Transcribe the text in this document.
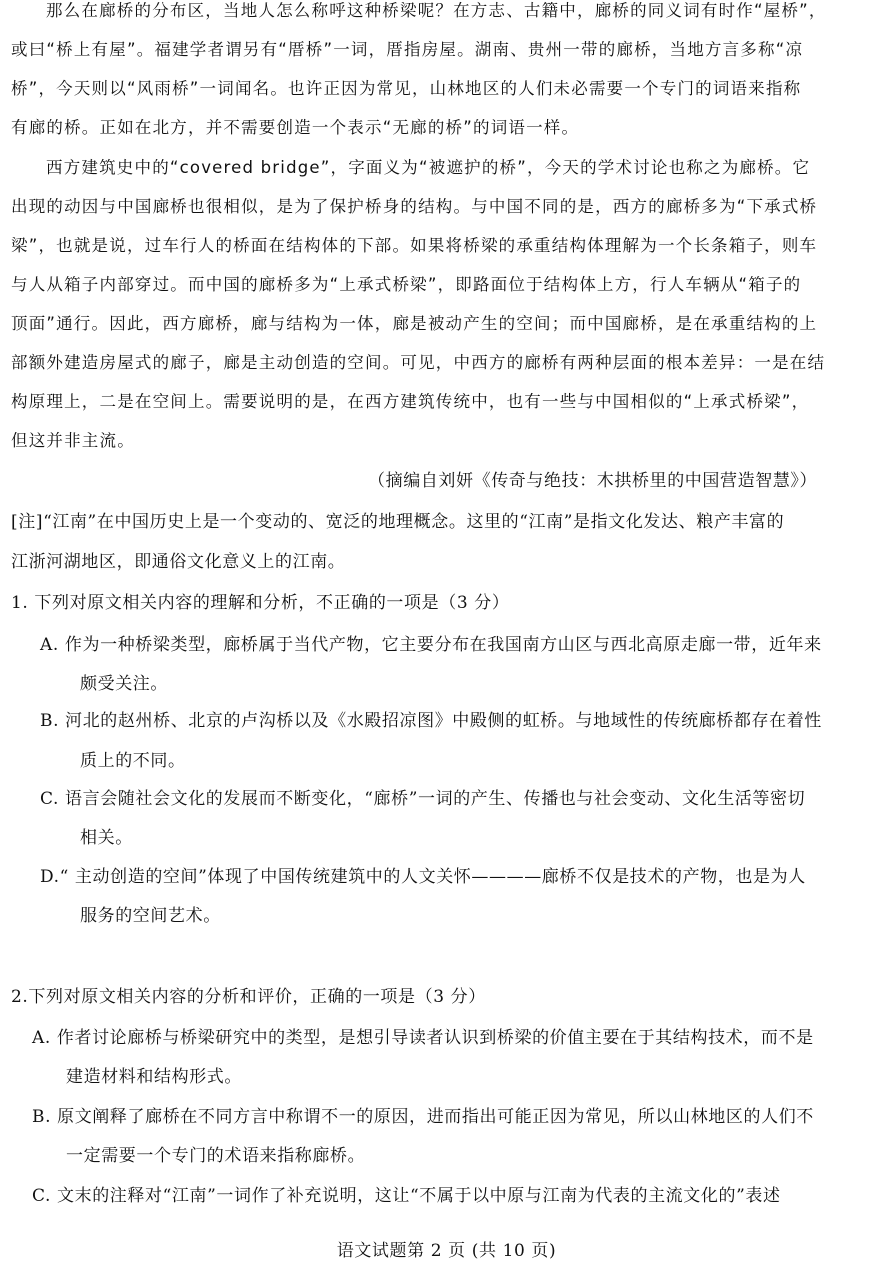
那么在廊桥的分布区，当地人怎么称呼这种桥梁呢？在方志、古籍中，廊桥的同义词有时作“屋桥”，
或曰“桥上有屋”。福建学者谓另有“厝桥”一词，厝指房屋。湖南、贵州一带的廊桥，当地方言多称“凉
桥”，今天则以“风雨桥”一词闻名。也许正因为常见，山林地区的人们未必需要一个专门的词语来指称
有廊的桥。正如在北方，并不需要创造一个表示“无廊的桥”的词语一样。
西方建筑史中的“covered bridge”，字面义为“被遮护的桥”，今天的学术讨论也称之为廊桥。它
出现的动因与中国廊桥也很相似，是为了保护桥身的结构。与中国不同的是，西方的廊桥多为“下承式桥
梁”，也就是说，过车行人的桥面在结构体的下部。如果将桥梁的承重结构体理解为一个长条箱子，则车
与人从箱子内部穿过。而中国的廊桥多为“上承式桥梁”，即路面位于结构体上方，行人车辆从“箱子的
顶面”通行。因此，西方廊桥，廊与结构为一体，廊是被动产生的空间；而中国廊桥，是在承重结构的上
部额外建造房屋式的廊子，廊是主动创造的空间。可见，中西方的廊桥有两种层面的根本差异：一是在结
构原理上，二是在空间上。需要说明的是，在西方建筑传统中，也有一些与中国相似的“上承式桥梁”，
但这并非主流。
（摘编自刘妍《传奇与绝技：木拱桥里的中国营造智慧》）
[注]“江南”在中国历史上是一个变动的、宽泛的地理概念。这里的“江南”是指文化发达、粮产丰富的
江浙河湖地区，即通俗文化意义上的江南。
1. 下列对原文相关内容的理解和分析，不正确的一项是（3 分）
A. 作为一种桥梁类型，廊桥属于当代产物，它主要分布在我国南方山区与西北高原走廊一带，近年来
颇受关注。
B. 河北的赵州桥、北京的卢沟桥以及《水殿招凉图》中殿侧的虹桥。与地域性的传统廊桥都存在着性
质上的不同。
C. 语言会随社会文化的发展而不断变化，“廊桥”一词的产生、传播也与社会变动、文化生活等密切
相关。
D.“ 主动创造的空间”体现了中国传统建筑中的人文关怀————廊桥不仅是技术的产物，也是为人
服务的空间艺术。
2.下列对原文相关内容的分析和评价，正确的一项是（3 分）
A. 作者讨论廊桥与桥梁研究中的类型，是想引导读者认识到桥梁的价值主要在于其结构技术，而不是
建造材料和结构形式。
B. 原文阐释了廊桥在不同方言中称谓不一的原因，进而指出可能正因为常见，所以山林地区的人们不
一定需要一个专门的术语来指称廊桥。
C. 文末的注释对“江南”一词作了补充说明，这让“不属于以中原与江南为代表的主流文化的”表述
语文试题第 2 页 (共 10 页)
